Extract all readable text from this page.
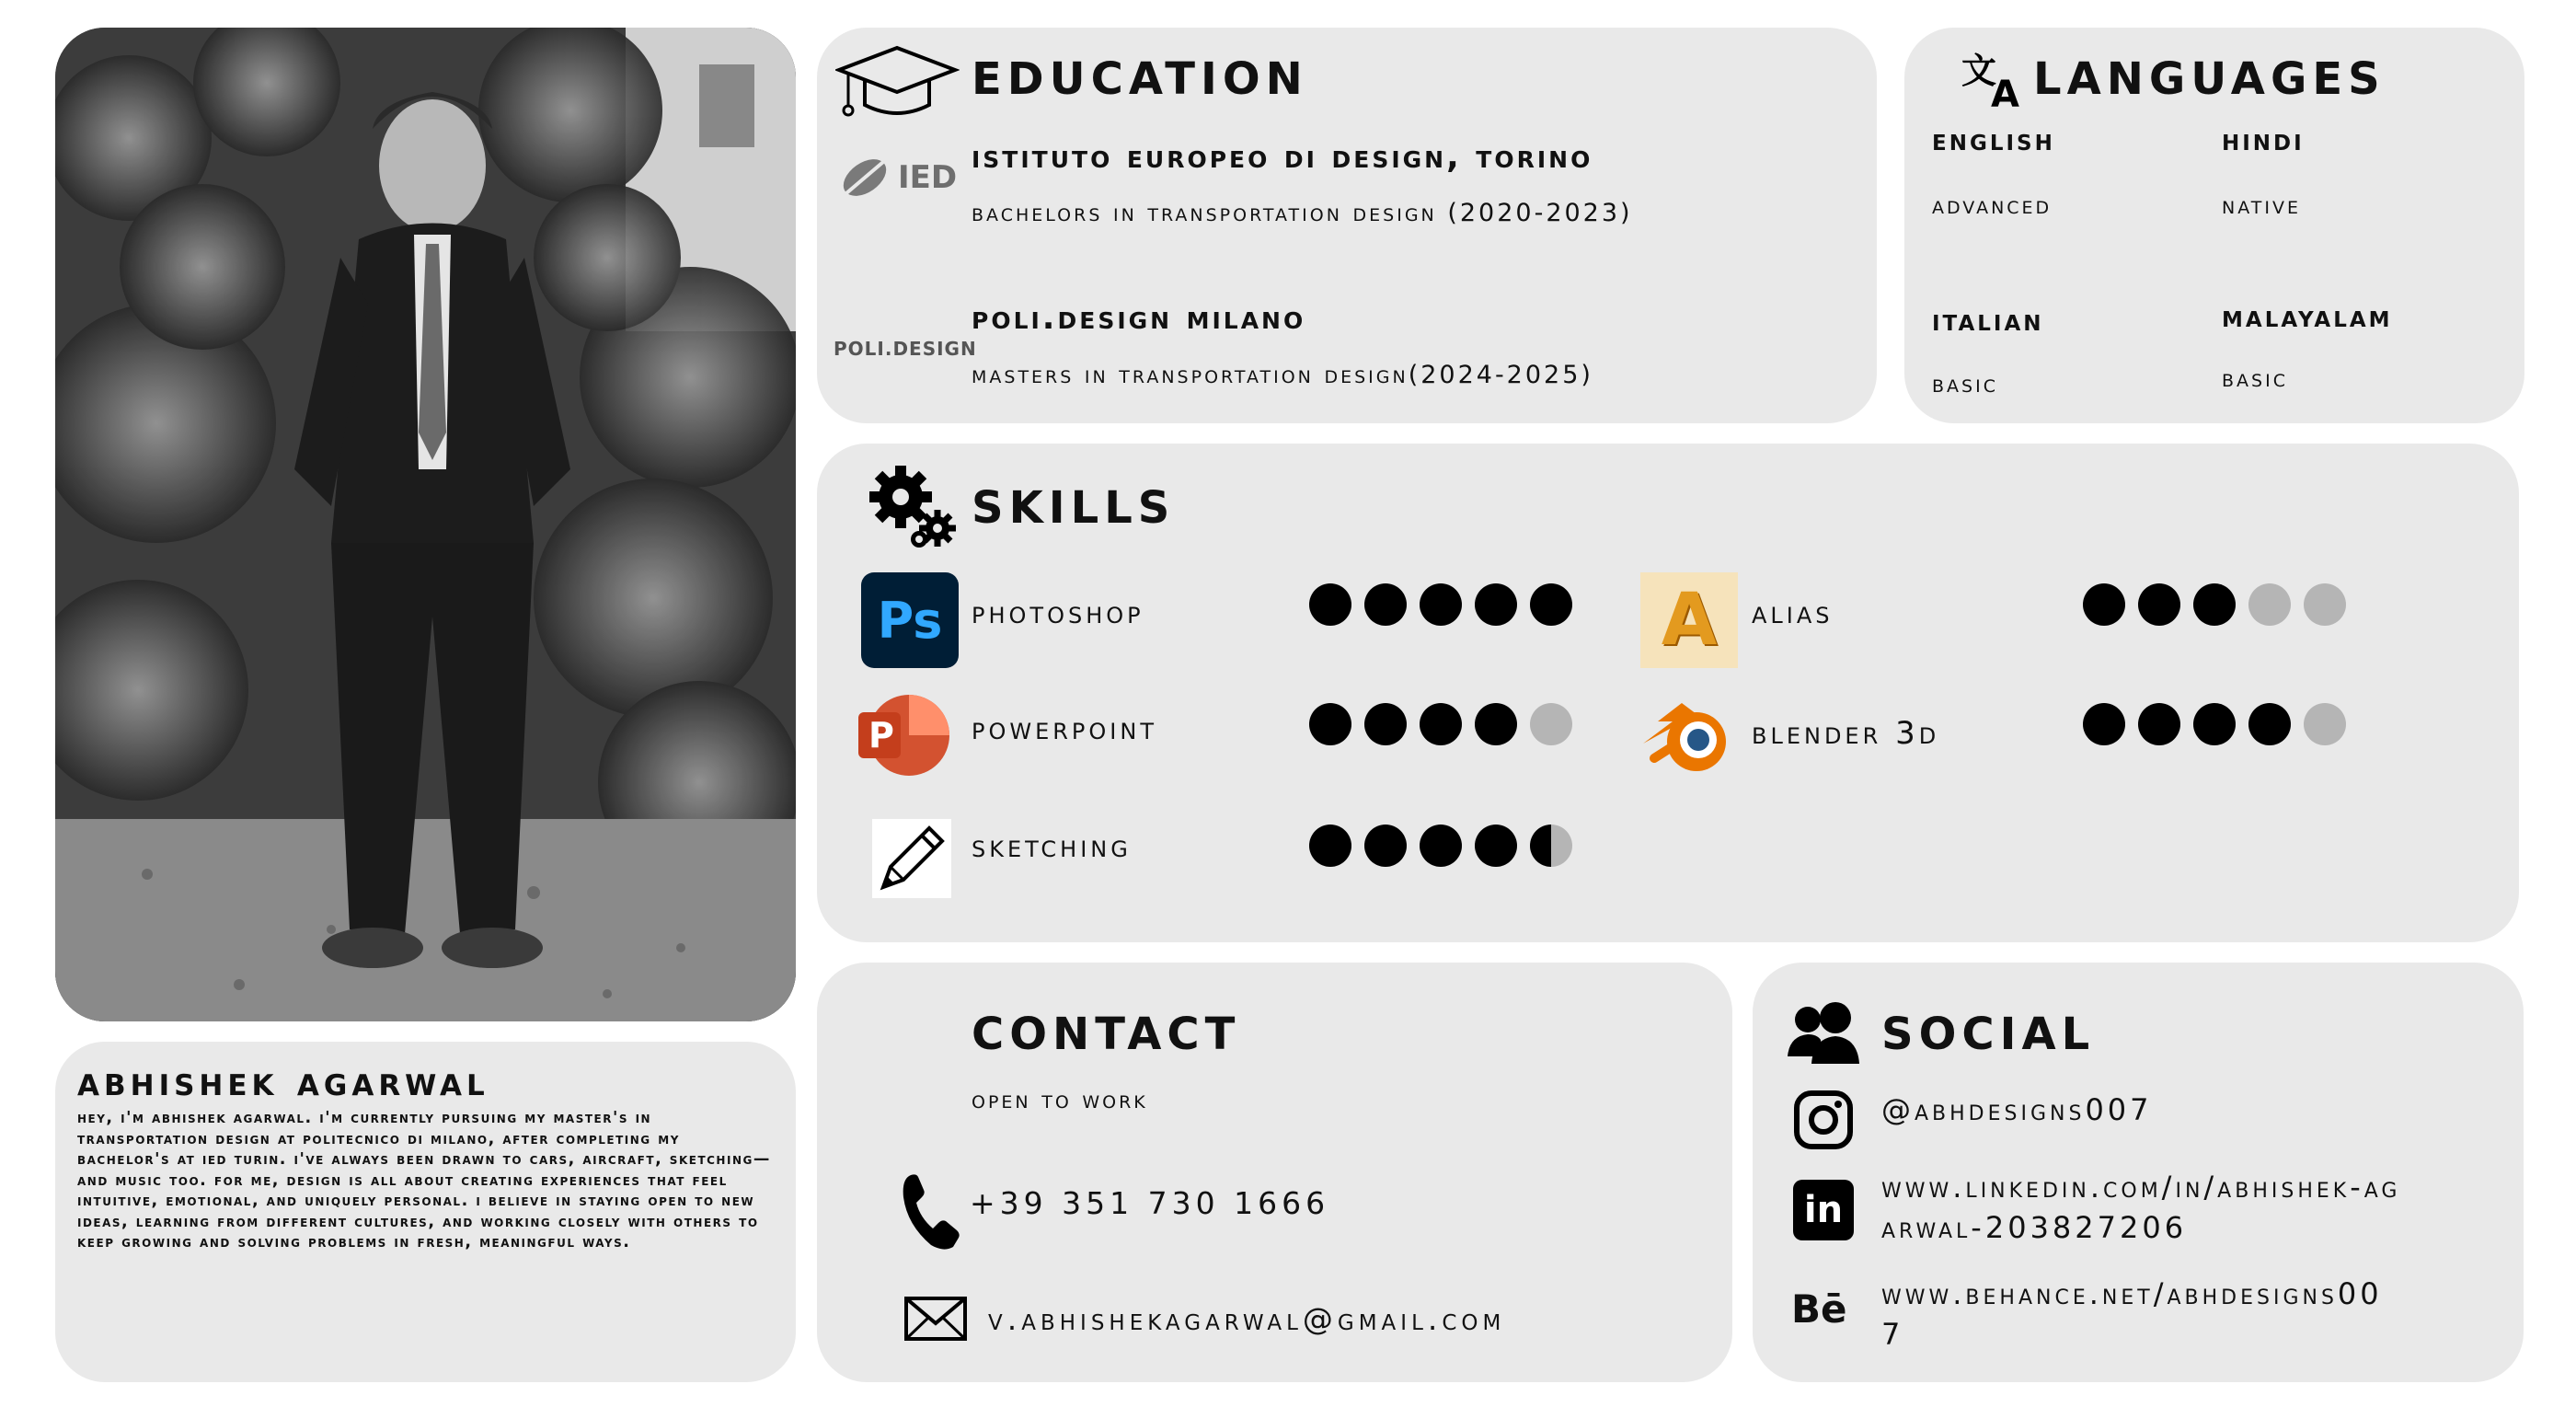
abhishek agarwal
hey, i'm abhishek agarwal. i'm currently pursuing my master's in transportation design at politecnico di milano, after completing my bachelor's at ied turin. i've always been drawn to cars, aircraft, sketching—and music too. for me, design is all about creating experiences that feel intuitive, emotional, and uniquely personal. i believe in staying open to new ideas, learning from different cultures, and working closely with others to keep growing and solving problems in fresh, meaningful ways.
education
IED
istituto europeo di design, torino
bachelors in transportation design (2020-2023)
POLI.DESIGN
poli.design milano
masters in transportation design(2024-2025)
文
A languages
english
advanced
hindi
native
italian
basic
malayalam
basic
skills
Ps photoshop
P powerpoint
sketching
A alias
blender 3d
contact
open to work
+39 351 730 1666
v.abhishekagarwal@gmail.com
social
@abhdesigns007
in
www.linkedin.com/in/abhishek-ag
arwal-203827206
Bē www.behance.net/abhdesigns00
7
